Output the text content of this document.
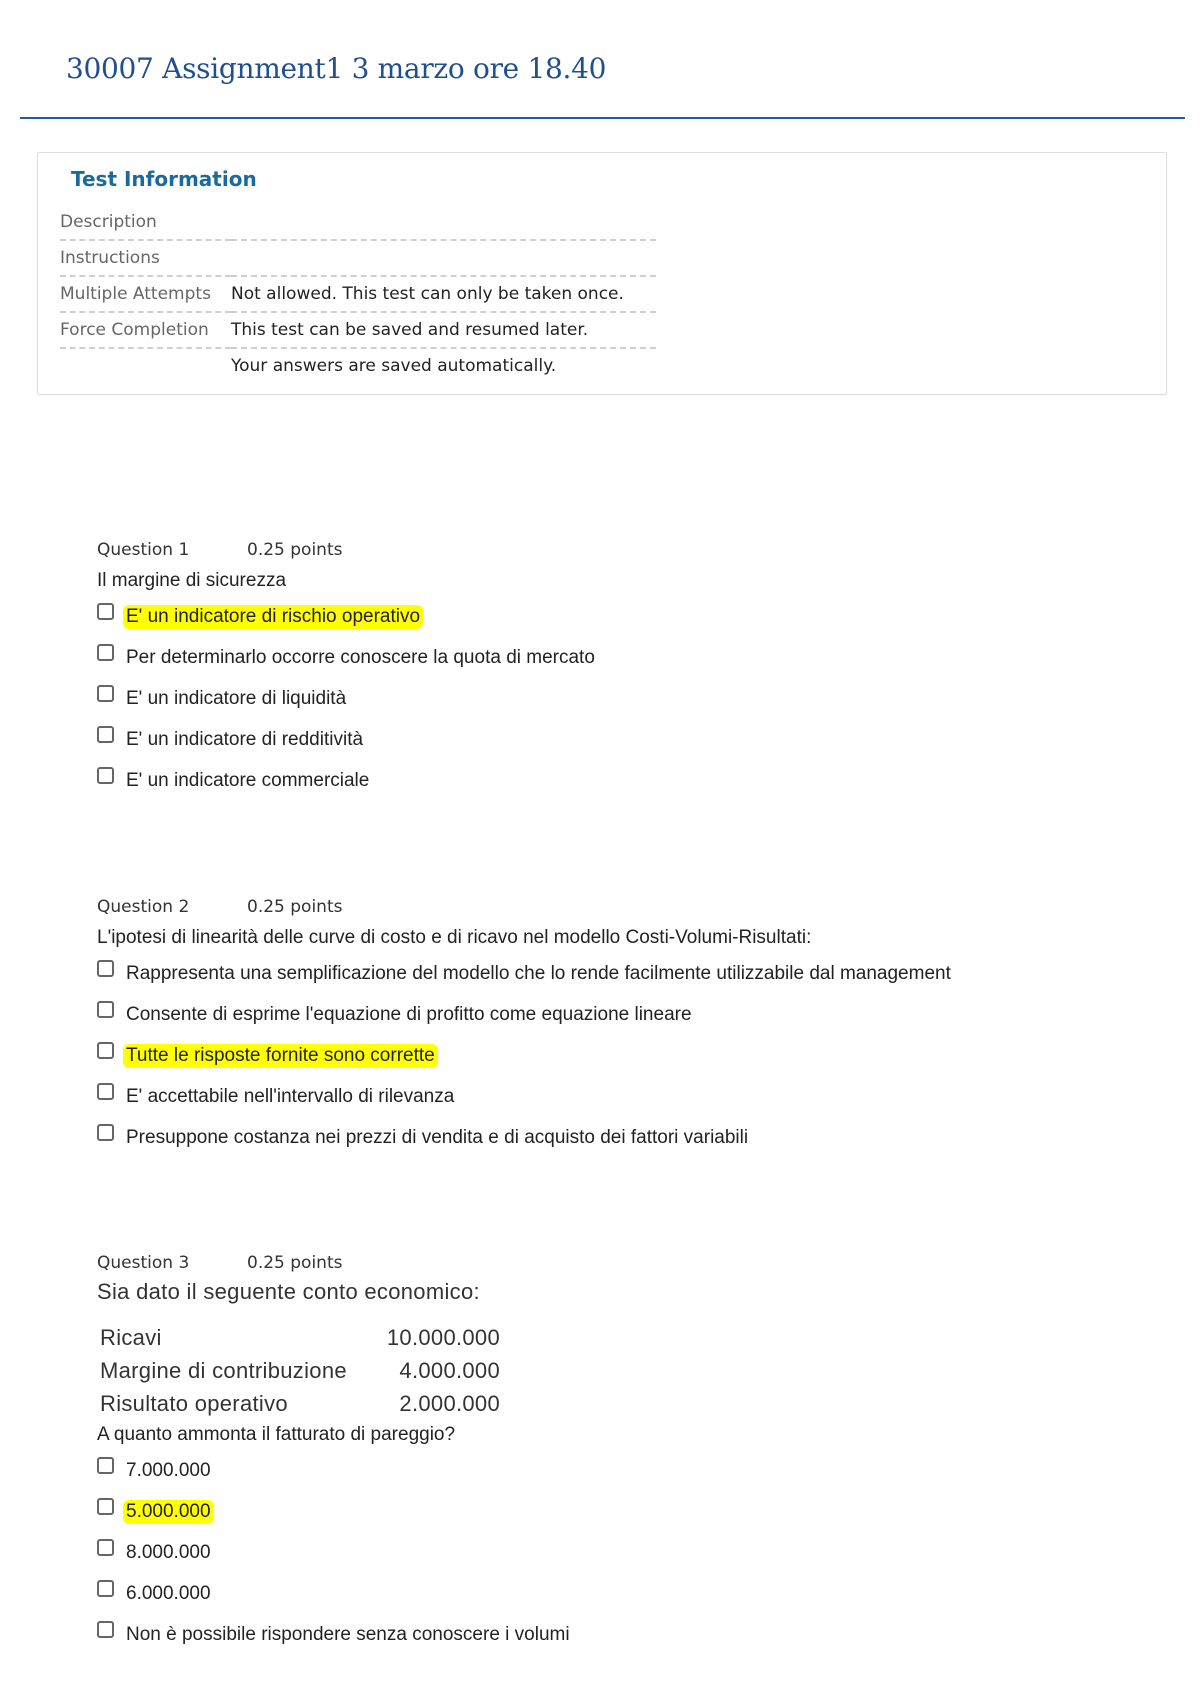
30007 Assignment1 3 marzo ore 18.40
Test Information
Description	
Instructions	
Multiple Attempts	Not allowed. This test can only be taken once.
Force Completion	This test can be saved and resumed later.
	Your answers are saved automatically.
Question 1	0.25 points
Il margine di sicurezza
E' un indicatore di rischio operativo
Per determinarlo occorre conoscere la quota di mercato
E' un indicatore di liquidità
E' un indicatore di redditività
E' un indicatore commerciale
Question 2	0.25 points
L'ipotesi di linearità delle curve di costo e di ricavo nel modello Costi-Volumi-Risultati:
Rappresenta una semplificazione del modello che lo rende facilmente utilizzabile dal management
Consente di esprime l'equazione di profitto come equazione lineare
Tutte le risposte fornite sono corrette
E' accettabile nell'intervallo di rilevanza
Presuppone costanza nei prezzi di vendita e di acquisto dei fattori variabili
Question 3	0.25 points
Sia dato il seguente conto economico:
Ricavi	10.000.000
Margine di contribuzione	4.000.000
Risultato operativo	2.000.000
A quanto ammonta il fatturato di pareggio?
7.000.000
5.000.000
8.000.000
6.000.000
Non è possibile rispondere senza conoscere i volumi
